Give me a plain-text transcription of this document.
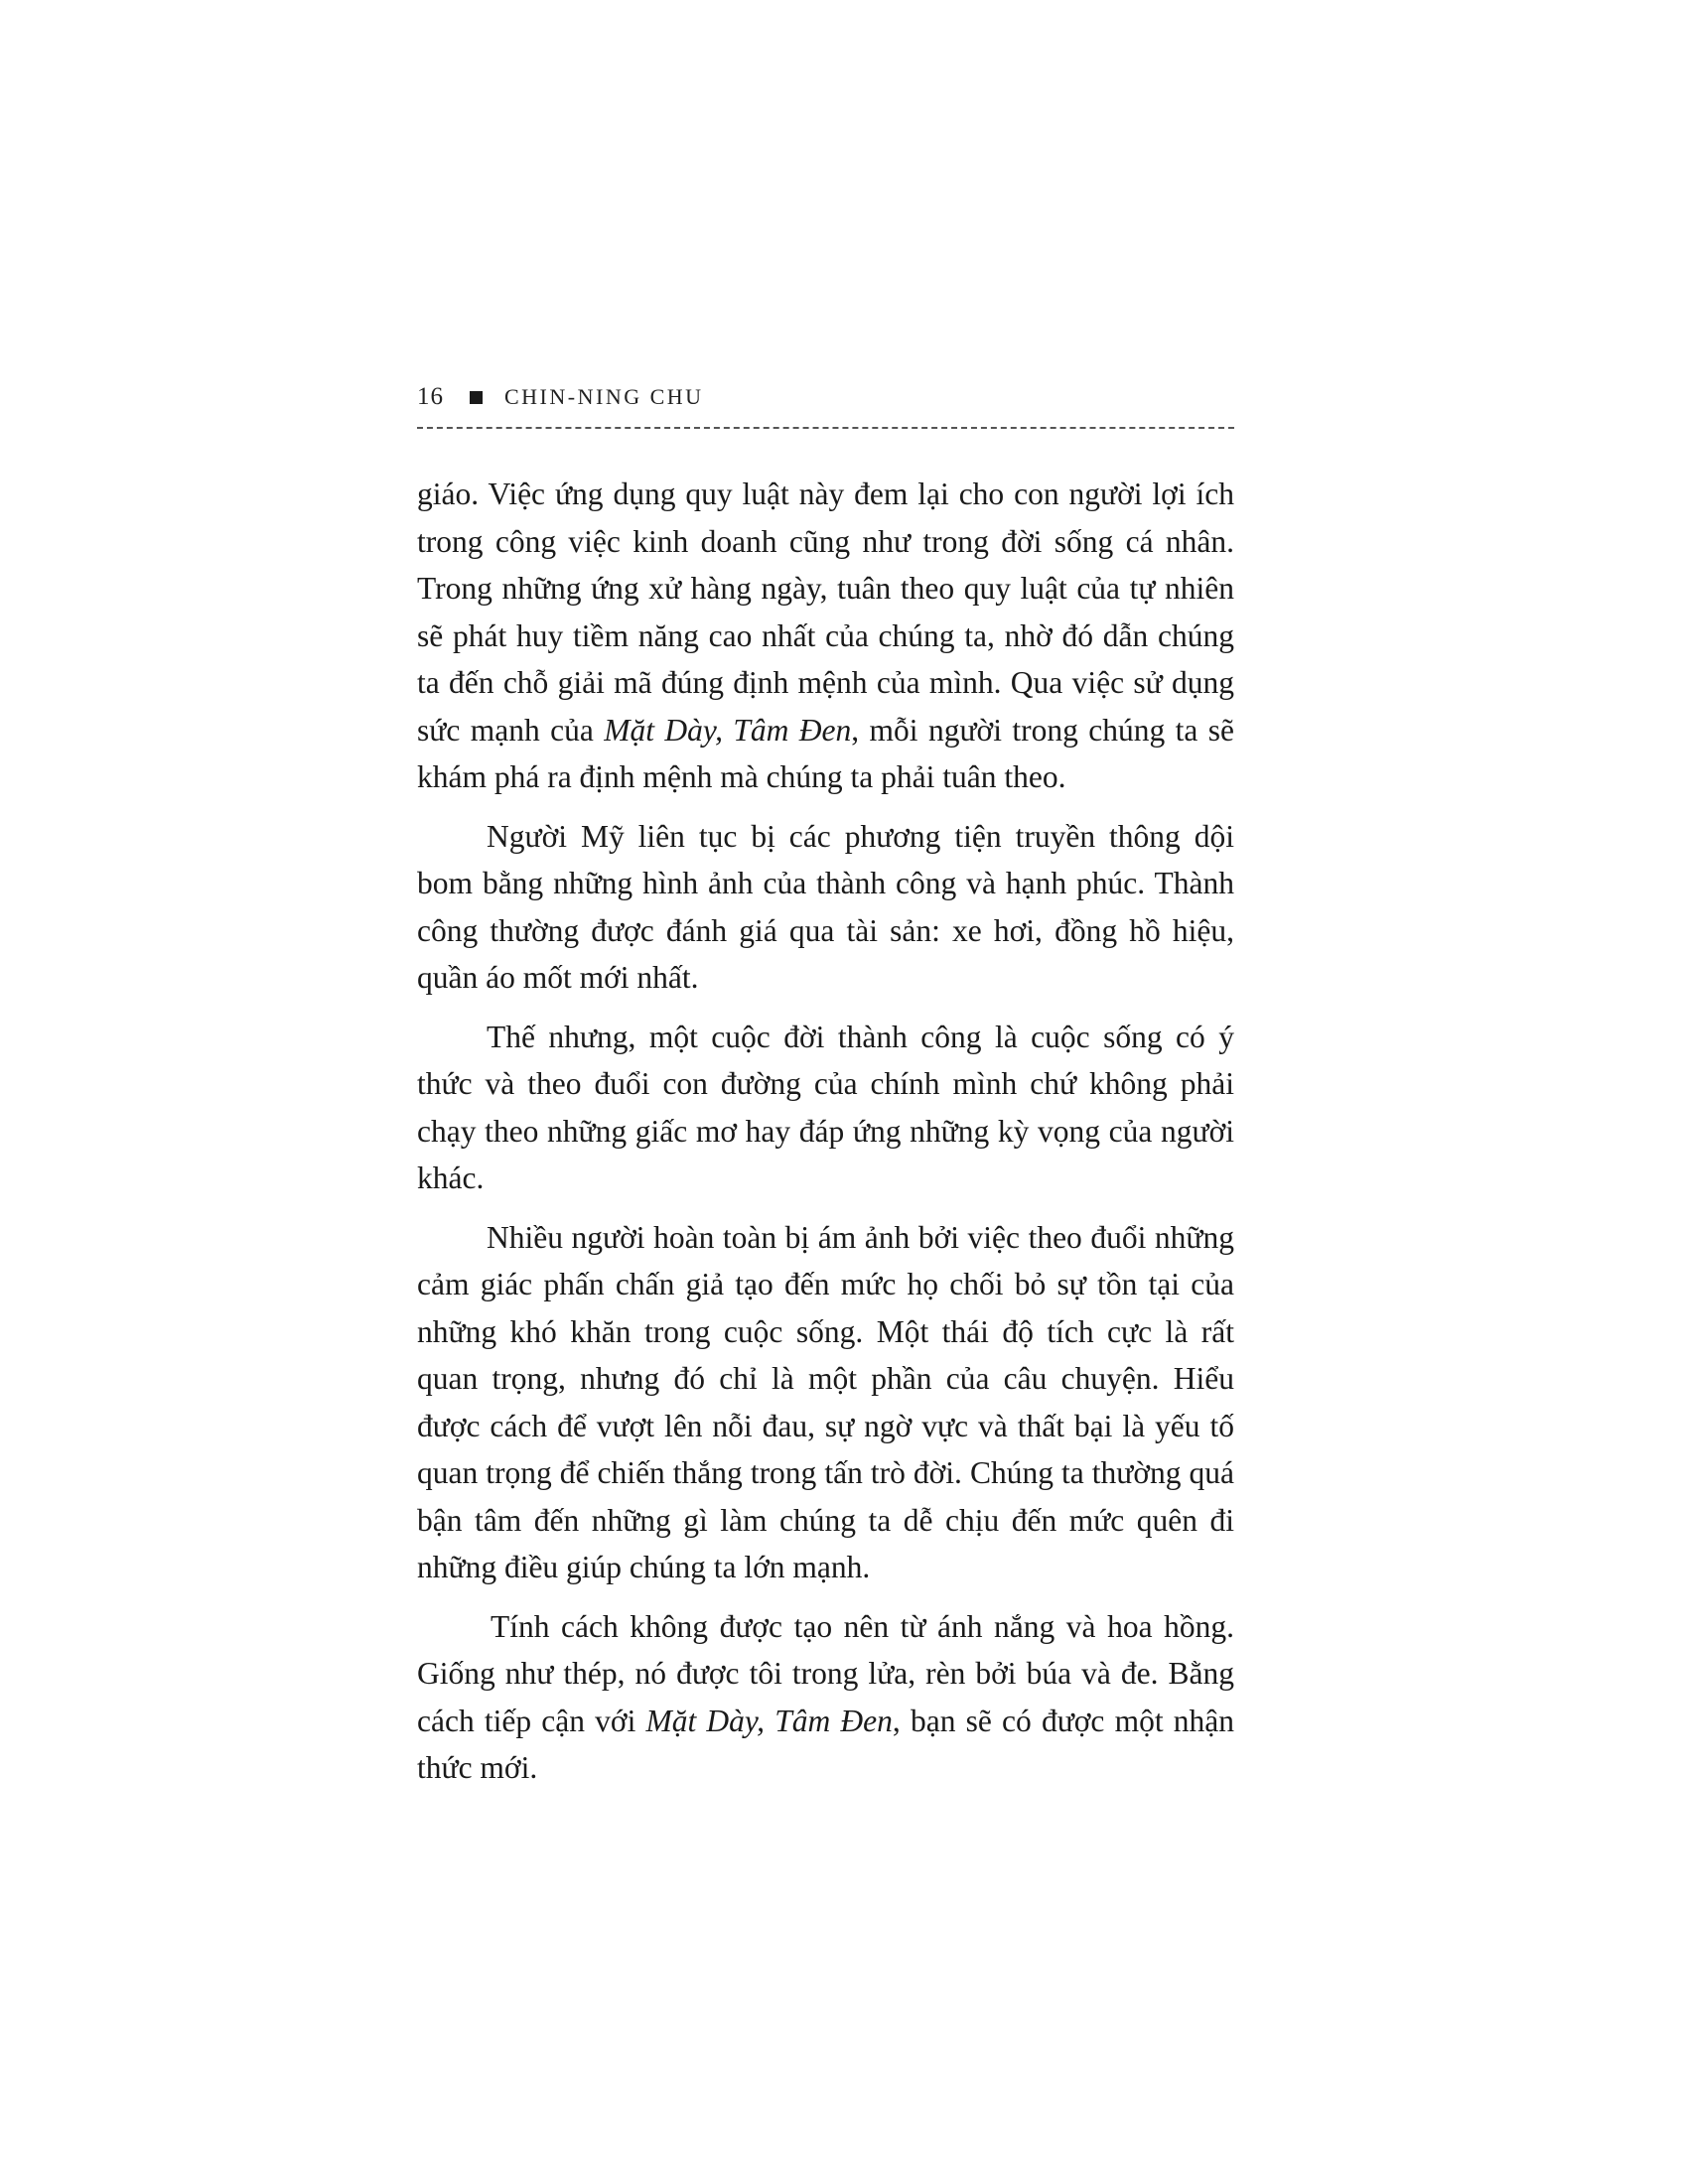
16	CHIN-NING CHU

giáo. Việc ứng dụng quy luật này đem lại cho con người lợi ích trong công việc kinh doanh cũng như trong đời sống cá nhân. Trong những ứng xử hàng ngày, tuân theo quy luật của tự nhiên sẽ phát huy tiềm năng cao nhất của chúng ta, nhờ đó dẫn chúng ta đến chỗ giải mã đúng định mệnh của mình. Qua việc sử dụng sức mạnh của Mặt Dày, Tâm Đen, mỗi người trong chúng ta sẽ khám phá ra định mệnh mà chúng ta phải tuân theo.

Người Mỹ liên tục bị các phương tiện truyền thông dội bom bằng những hình ảnh của thành công và hạnh phúc. Thành công thường được đánh giá qua tài sản: xe hơi, đồng hồ hiệu, quần áo mốt mới nhất.

Thế nhưng, một cuộc đời thành công là cuộc sống có ý thức và theo đuổi con đường của chính mình chứ không phải chạy theo những giấc mơ hay đáp ứng những kỳ vọng của người khác.

Nhiều người hoàn toàn bị ám ảnh bởi việc theo đuổi những cảm giác phấn chấn giả tạo đến mức họ chối bỏ sự tồn tại của những khó khăn trong cuộc sống. Một thái độ tích cực là rất quan trọng, nhưng đó chỉ là một phần của câu chuyện. Hiểu được cách để vượt lên nỗi đau, sự ngờ vực và thất bại là yếu tố quan trọng để chiến thắng trong tấn trò đời. Chúng ta thường quá bận tâm đến những gì làm chúng ta dễ chịu đến mức quên đi những điều giúp chúng ta lớn mạnh.

Tính cách không được tạo nên từ ánh nắng và hoa hồng. Giống như thép, nó được tôi trong lửa, rèn bởi búa và đe. Bằng cách tiếp cận với Mặt Dày, Tâm Đen, bạn sẽ có được một nhận thức mới.
